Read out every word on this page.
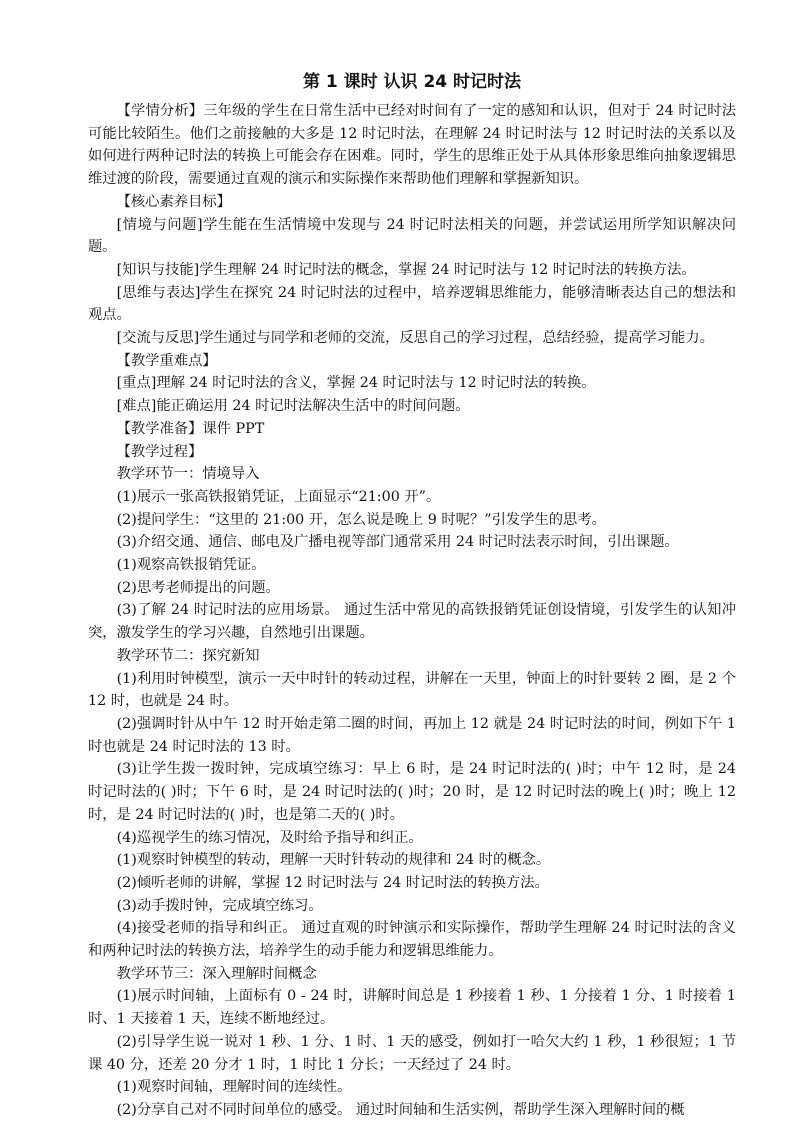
第 1 课时 认识 24 时记时法

【学情分析】三年级的学生在日常生活中已经对时间有了一定的感知和认识，但对于 24 时记时法可能比较陌生。他们之前接触的大多是 12 时记时法，在理解 24 时记时法与 12 时记时法的关系以及如何进行两种记时法的转换上可能会存在困难。同时，学生的思维正处于从具体形象思维向抽象逻辑思维过渡的阶段，需要通过直观的演示和实际操作来帮助他们理解和掌握新知识。

【核心素养目标】

[情境与问题]学生能在生活情境中发现与 24 时记时法相关的问题，并尝试运用所学知识解决问题。

[知识与技能]学生理解 24 时记时法的概念，掌握 24 时记时法与 12 时记时法的转换方法。

[思维与表达]学生在探究 24 时记时法的过程中，培养逻辑思维能力，能够清晰表达自己的想法和观点。

[交流与反思]学生通过与同学和老师的交流，反思自己的学习过程，总结经验，提高学习能力。

【教学重难点】

[重点]理解 24 时记时法的含义，掌握 24 时记时法与 12 时记时法的转换。

[难点]能正确运用 24 时记时法解决生活中的时间问题。

【教学准备】课件 PPT

【教学过程】

教学环节一：情境导入

(1)展示一张高铁报销凭证，上面显示“21:00 开”。

(2)提问学生：“这里的 21:00 开，怎么说是晚上 9 时呢？”引发学生的思考。

(3)介绍交通、通信、邮电及广播电视等部门通常采用 24 时记时法表示时间，引出课题。

(1)观察高铁报销凭证。

(2)思考老师提出的问题。

(3)了解 24 时记时法的应用场景。 通过生活中常见的高铁报销凭证创设情境，引发学生的认知冲突，激发学生的学习兴趣，自然地引出课题。

教学环节二：探究新知

(1)利用时钟模型，演示一天中时针的转动过程，讲解在一天里，钟面上的时针要转 2 圈，是 2 个 12 时，也就是 24 时。

(2)强调时针从中午 12 时开始走第二圈的时间，再加上 12 就是 24 时记时法的时间，例如下午 1 时也就是 24 时记时法的 13 时。

(3)让学生拨一拨时钟，完成填空练习：早上 6 时，是 24 时记时法的( )时；中午 12 时，是 24 时记时法的( )时；下午 6 时，是 24 时记时法的( )时；20 时，是 12 时记时法的晚上( )时；晚上 12 时，是 24 时记时法的( )时，也是第二天的( )时。

(4)巡视学生的练习情况，及时给予指导和纠正。

(1)观察时钟模型的转动，理解一天时针转动的规律和 24 时的概念。

(2)倾听老师的讲解，掌握 12 时记时法与 24 时记时法的转换方法。

(3)动手拨时钟，完成填空练习。

(4)接受老师的指导和纠正。 通过直观的时钟演示和实际操作，帮助学生理解 24 时记时法的含义和两种记时法的转换方法，培养学生的动手能力和逻辑思维能力。

教学环节三：深入理解时间概念

(1)展示时间轴，上面标有 0 - 24 时，讲解时间总是 1 秒接着 1 秒、1 分接着 1 分、1 时接着 1 时、1 天接着 1 天，连续不断地经过。

(2)引导学生说一说对 1 秒、1 分、1 时、1 天的感受，例如打一哈欠大约 1 秒，1 秒很短；1 节课 40 分，还差 20 分才 1 时，1 时比 1 分长；一天经过了 24 时。

(1)观察时间轴，理解时间的连续性。

(2)分享自己对不同时间单位的感受。 通过时间轴和生活实例，帮助学生深入理解时间的概
